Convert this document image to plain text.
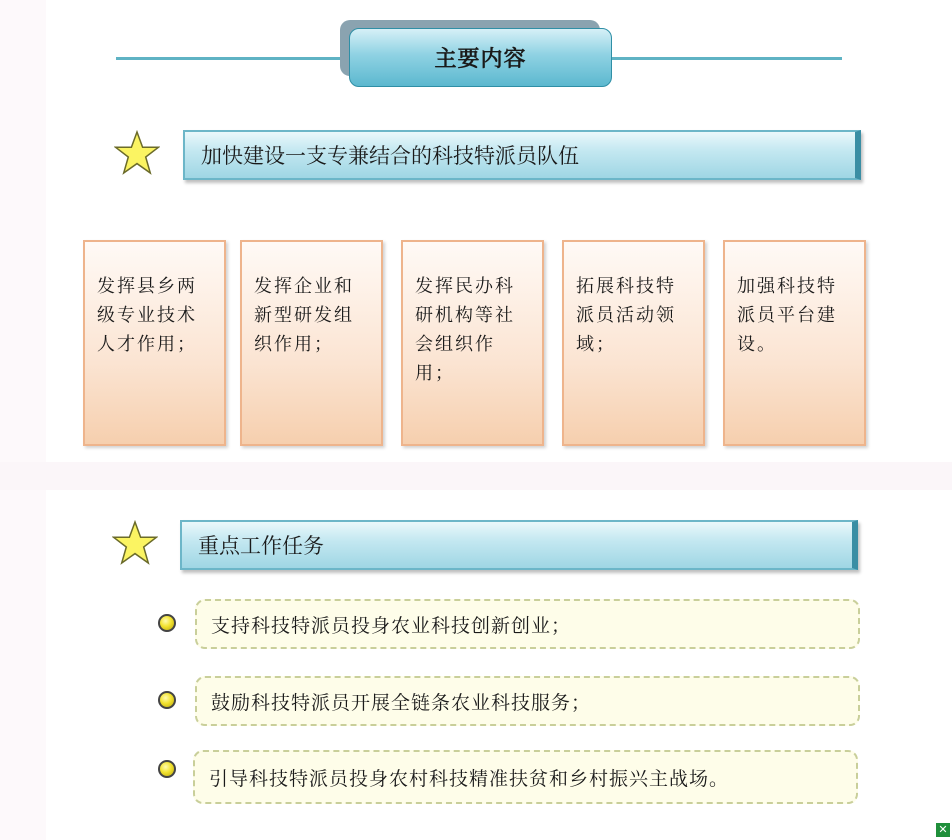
主要内容
加快建设一支专兼结合的科技特派员队伍
发挥县乡两级专业技术人才作用；
发挥企业和新型研发组织作用；
发挥民办科研机构等社会组织作用；
拓展科技特派员活动领域；
加强科技特派员平台建设。
重点工作任务
支持科技特派员投身农业科技创新创业；
鼓励科技特派员开展全链条农业科技服务；
引导科技特派员投身农村科技精准扶贫和乡村振兴主战场。
✕
